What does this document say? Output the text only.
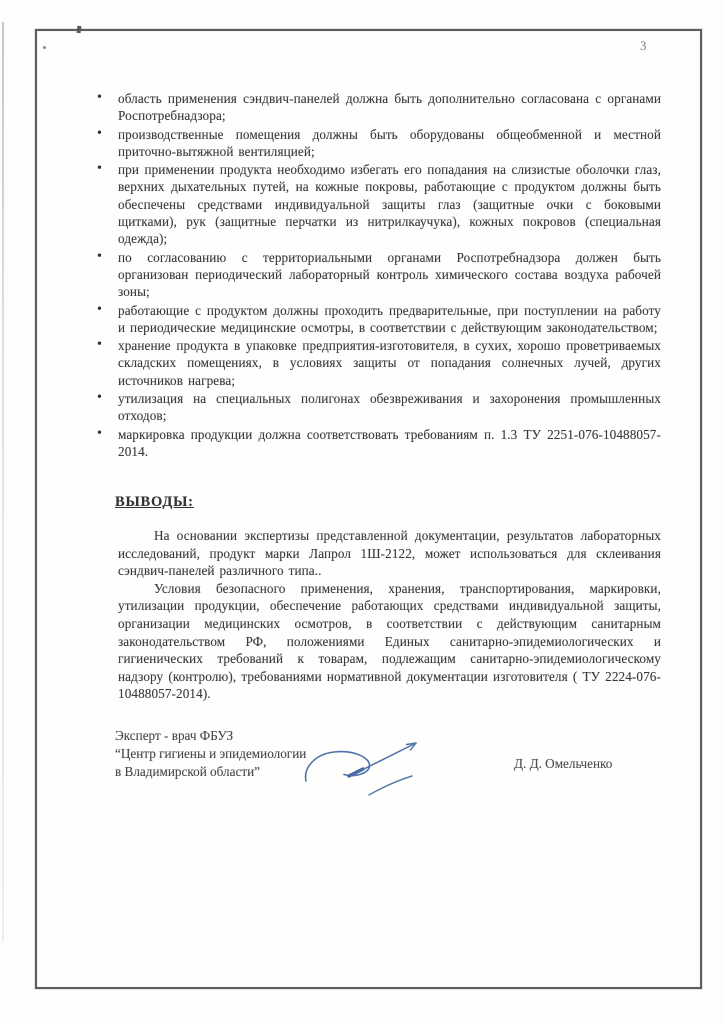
3
• область применения сэндвич-панелей должна быть дополнительно согласована с органами Роспотребнадзора;
• производственные помещения должны быть оборудованы общеобменной и местной приточно-вытяжной вентиляцией;
• при применении продукта необходимо избегать его попадания на слизистые оболочки глаз, верхних дыхательных путей, на кожные покровы, работающие с продуктом должны быть обеспечены средствами индивидуальной защиты глаз (защитные очки с боковыми щитками), рук (защитные перчатки из нитрилкаучука), кожных покровов (специальная одежда);
• по согласованию с территориальными органами Роспотребнадзора должен быть организован периодический лабораторный контроль химического состава воздуха рабочей зоны;
• работающие с продуктом должны проходить предварительные, при поступлении на работу и периодические медицинские осмотры, в соответствии с действующим законодательством;
• хранение продукта в упаковке предприятия-изготовителя, в сухих, хорошо проветриваемых складских помещениях, в условиях защиты от попадания солнечных лучей, других источников нагрева;
• утилизация на специальных полигонах обезвреживания и захоронения промышленных отходов;
• маркировка продукции должна соответствовать требованиям п. 1.3 ТУ 2251-076-10488057-2014.
ВЫВОДЫ:

На основании экспертизы представленной документации, результатов лабораторных исследований, продукт марки Лапрол 1Ш-2122, может использоваться для склеивания сэндвич-панелей различного типа..

Условия безопасного применения, хранения, транспортирования, маркировки, утилизации продукции, обеспечение работающих средствами индивидуальной защиты, организации медицинских осмотров, в соответствии с действующим санитарным законодательством РФ, положениями Единых санитарно-эпидемиологических и гигиенических требований к товарам, подлежащим санитарно-эпидемиологическому надзору (контролю), требованиями нормативной документации изготовителя ( ТУ 2224-076-10488057-2014).

Эксперт - врач ФБУЗ
“Центр гигиены и эпидемиологии
в Владимирской области”
Д. Д. Омельченко
